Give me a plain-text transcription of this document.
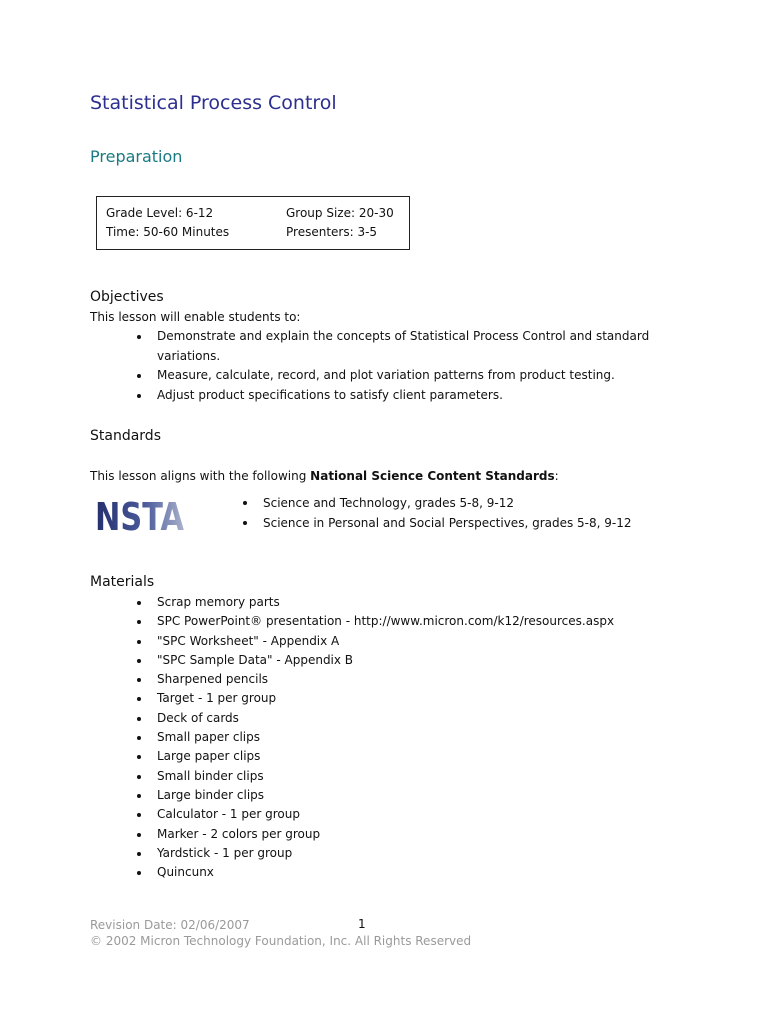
Statistical Process Control
Preparation
Grade Level: 6-12	Group Size: 20-30
Time: 50-60 Minutes	Presenters: 3-5
Objectives
This lesson will enable students to:
Demonstrate and explain the concepts of Statistical Process Control and standard
variations.
Measure, calculate, record, and plot variation patterns from product testing.
Adjust product specifications to satisfy client parameters.
Standards
This lesson aligns with the following National Science Content Standards:
NSTA	Science and Technology, grades 5-8, 9-12
Science in Personal and Social Perspectives, grades 5-8, 9-12
Materials
Scrap memory parts
SPC PowerPoint® presentation - http://www.micron.com/k12/resources.aspx
"SPC Worksheet" - Appendix A
"SPC Sample Data" - Appendix B
Sharpened pencils
Target - 1 per group
Deck of cards
Small paper clips
Large paper clips
Small binder clips
Large binder clips
Calculator - 1 per group
Marker - 2 colors per group
Yardstick - 1 per group
Quincunx
Revision Date: 02/06/2007	1
© 2002 Micron Technology Foundation, Inc. All Rights Reserved
